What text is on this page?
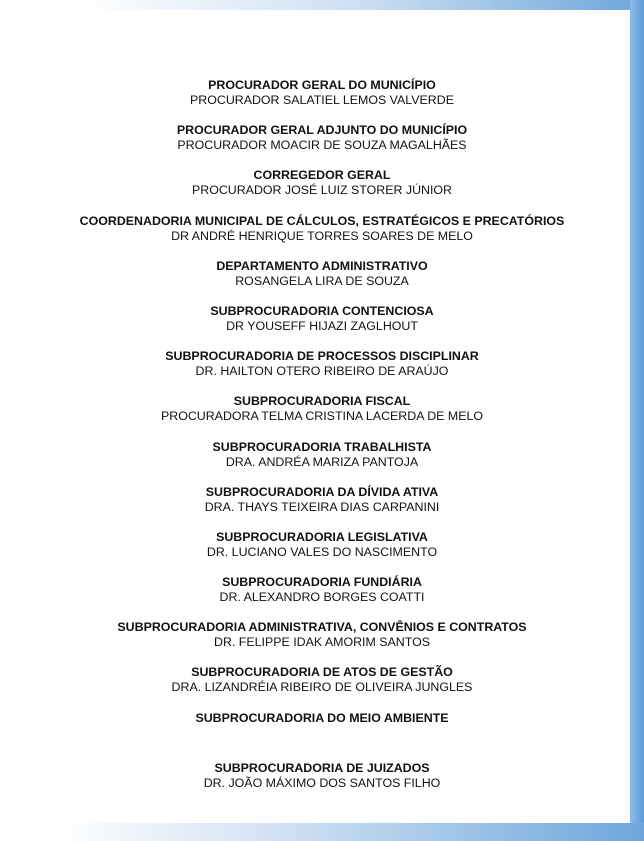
PROCURADOR GERAL DO MUNICÍPIO
PROCURADOR SALATIEL LEMOS VALVERDE
PROCURADOR GERAL ADJUNTO DO MUNICÍPIO
PROCURADOR MOACIR DE SOUZA MAGALHÃES
CORREGEDOR GERAL
PROCURADOR JOSÉ LUIZ STORER JÚNIOR
COORDENADORIA MUNICIPAL DE CÁLCULOS, ESTRATÉGICOS E PRECATÓRIOS
DR ANDRÉ HENRIQUE TORRES SOARES DE MELO
DEPARTAMENTO ADMINISTRATIVO
ROSANGELA LIRA DE SOUZA
SUBPROCURADORIA CONTENCIOSA
DR YOUSEFF HIJAZI ZAGLHOUT
SUBPROCURADORIA DE PROCESSOS DISCIPLINAR
DR. HAILTON OTERO RIBEIRO DE ARAÚJO
SUBPROCURADORIA FISCAL
PROCURADORA TELMA CRISTINA LACERDA DE MELO
SUBPROCURADORIA TRABALHISTA
DRA. ANDRÉA MARIZA PANTOJA
SUBPROCURADORIA DA DÍVIDA ATIVA
DRA. THAYS TEIXEIRA DIAS CARPANINI
SUBPROCURADORIA LEGISLATIVA
DR. LUCIANO VALES DO NASCIMENTO
SUBPROCURADORIA FUNDIÁRIA
DR. ALEXANDRO BORGES COATTI
SUBPROCURADORIA ADMINISTRATIVA, CONVÊNIOS E CONTRATOS
DR. FELIPPE IDAK AMORIM SANTOS
SUBPROCURADORIA DE ATOS DE GESTÃO
DRA. LIZANDRÉIA RIBEIRO DE OLIVEIRA JUNGLES
SUBPROCURADORIA DO MEIO AMBIENTE
SUBPROCURADORIA DE JUIZADOS
DR. JOÃO MÁXIMO DOS SANTOS FILHO
